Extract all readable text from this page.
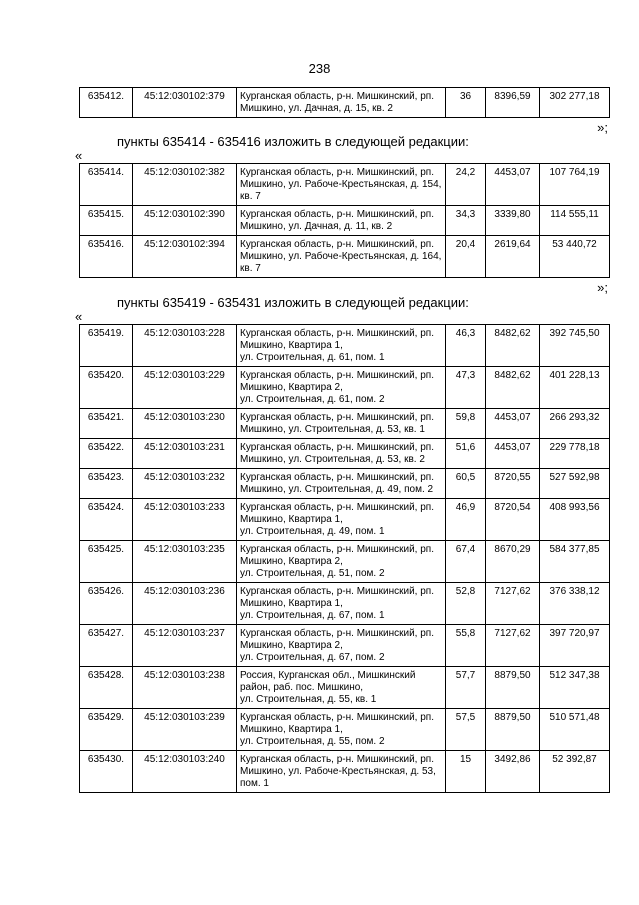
238
635412.	45:12:030102:379	Курганская область, р-н. Мишкинский, рп. Мишкино, ул. Дачная, д. 15, кв. 2	36	8396,59	302 277,18
»;
пункты 635414 - 635416 изложить в следующей редакции:
«
635414.	45:12:030102:382	Курганская область, р-н. Мишкинский, рп. Мишкино, ул. Рабоче-Крестьянская, д. 154, кв. 7	24,2	4453,07	107 764,19
635415.	45:12:030102:390	Курганская область, р-н. Мишкинский, рп. Мишкино, ул. Дачная, д. 11, кв. 2	34,3	3339,80	114 555,11
635416.	45:12:030102:394	Курганская область, р-н. Мишкинский, рп. Мишкино, ул. Рабоче-Крестьянская, д. 164, кв. 7	20,4	2619,64	53 440,72
»;
пункты 635419 - 635431 изложить в следующей редакции:
«
635419.	45:12:030103:228	Курганская область, р-н. Мишкинский, рп. Мишкино, Квартира 1,
ул. Строительная, д. 61, пом. 1	46,3	8482,62	392 745,50
635420.	45:12:030103:229	Курганская область, р-н. Мишкинский, рп. Мишкино, Квартира 2,
ул. Строительная, д. 61, пом. 2	47,3	8482,62	401 228,13
635421.	45:12:030103:230	Курганская область, р-н. Мишкинский, рп. Мишкино, ул. Строительная, д. 53, кв. 1	59,8	4453,07	266 293,32
635422.	45:12:030103:231	Курганская область, р-н. Мишкинский, рп. Мишкино, ул. Строительная, д. 53, кв. 2	51,6	4453,07	229 778,18
635423.	45:12:030103:232	Курганская область, р-н. Мишкинский, рп. Мишкино, ул. Строительная, д. 49, пом. 2	60,5	8720,55	527 592,98
635424.	45:12:030103:233	Курганская область, р-н. Мишкинский, рп. Мишкино, Квартира 1,
ул. Строительная, д. 49, пом. 1	46,9	8720,54	408 993,56
635425.	45:12:030103:235	Курганская область, р-н. Мишкинский, рп. Мишкино, Квартира 2,
ул. Строительная, д. 51, пом. 2	67,4	8670,29	584 377,85
635426.	45:12:030103:236	Курганская область, р-н. Мишкинский, рп. Мишкино, Квартира 1,
ул. Строительная, д. 67, пом. 1	52,8	7127,62	376 338,12
635427.	45:12:030103:237	Курганская область, р-н. Мишкинский, рп. Мишкино, Квартира 2,
ул. Строительная, д. 67, пом. 2	55,8	7127,62	397 720,97
635428.	45:12:030103:238	Россия, Курганская обл., Мишкинский район, раб. пос. Мишкино,
ул. Строительная, д. 55, кв. 1	57,7	8879,50	512 347,38
635429.	45:12:030103:239	Курганская область, р-н. Мишкинский, рп. Мишкино, Квартира 1,
ул. Строительная, д. 55, пом. 2	57,5	8879,50	510 571,48
635430.	45:12:030103:240	Курганская область, р-н. Мишкинский, рп. Мишкино, ул. Рабоче-Крестьянская, д. 53, пом. 1	15	3492,86	52 392,87
